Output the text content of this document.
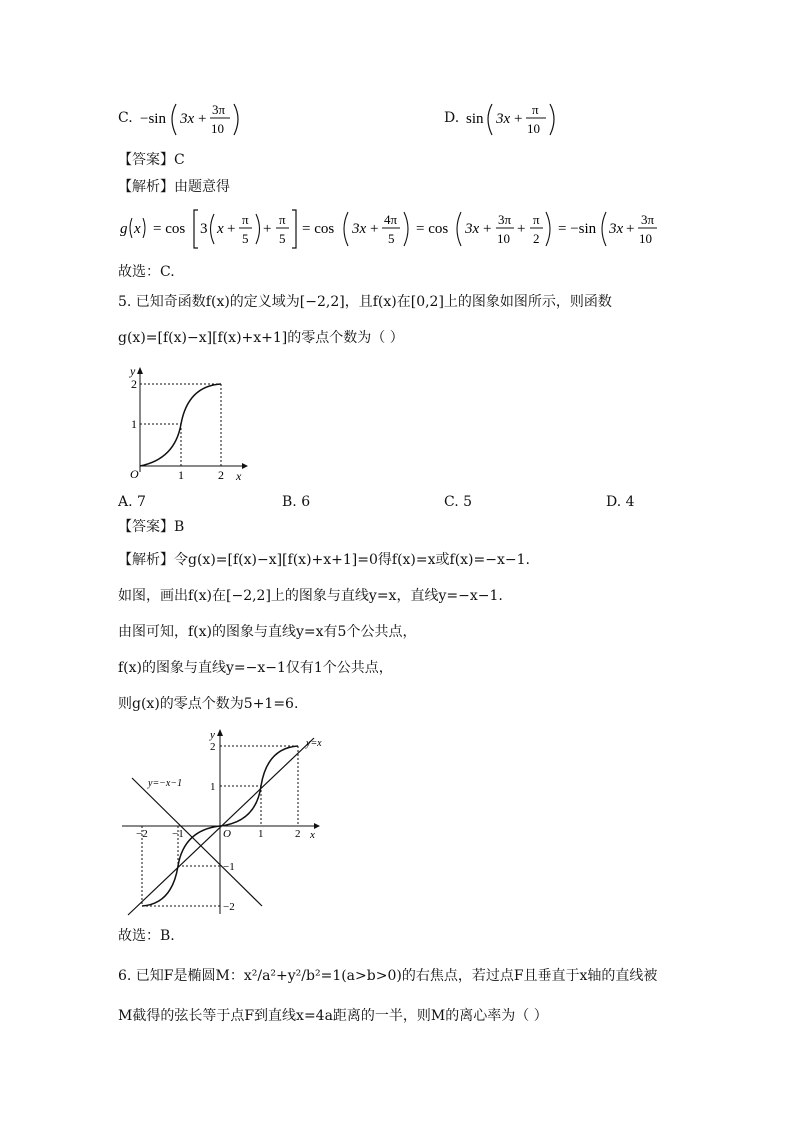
C. −sin 3x +
3π
10
D. sin 3x +
π
10
【答案】C
【解析】由题意得
g x = cos 3 x +
π
5
+
π
5
= cos 3x +
4π
5
= cos 3x +
3π
10
+
π
2
= −sin 3x +
3π
10
故选：C.
5. 已知奇函数f(x)的定义域为[−2,2]，且f(x)在[0,2]上的图象如图所示，则函数
g(x)=[f(x)−x][f(x)+x+1]的零点个数为（ ）
y
x
O	1	2
1
2
A. 7	B. 6	C. 5	D. 4
【答案】B
【解析】令g(x)=[f(x)−x][f(x)+x+1]=0得f(x)=x或f(x)=−x−1.
如图，画出f(x)在[−2,2]上的图象与直线y=x，直线y=−x−1.
由图可知，f(x)的图象与直线y=x有5个公共点，
f(x)的图象与直线y=−x−1仅有1个公共点，
则g(x)的零点个数为5+1=6.
y
x
O
y=x
y=−x−1
−2 −1	1	2
2
1
−1
−2
故选：B.
6. 已知F是椭圆M：x²/a²+y²/b²=1(a>b>0)的右焦点，若过点F且垂直于x轴的直线被
M截得的弦长等于点F到直线x=4a距离的一半，则M的离心率为（ ）
